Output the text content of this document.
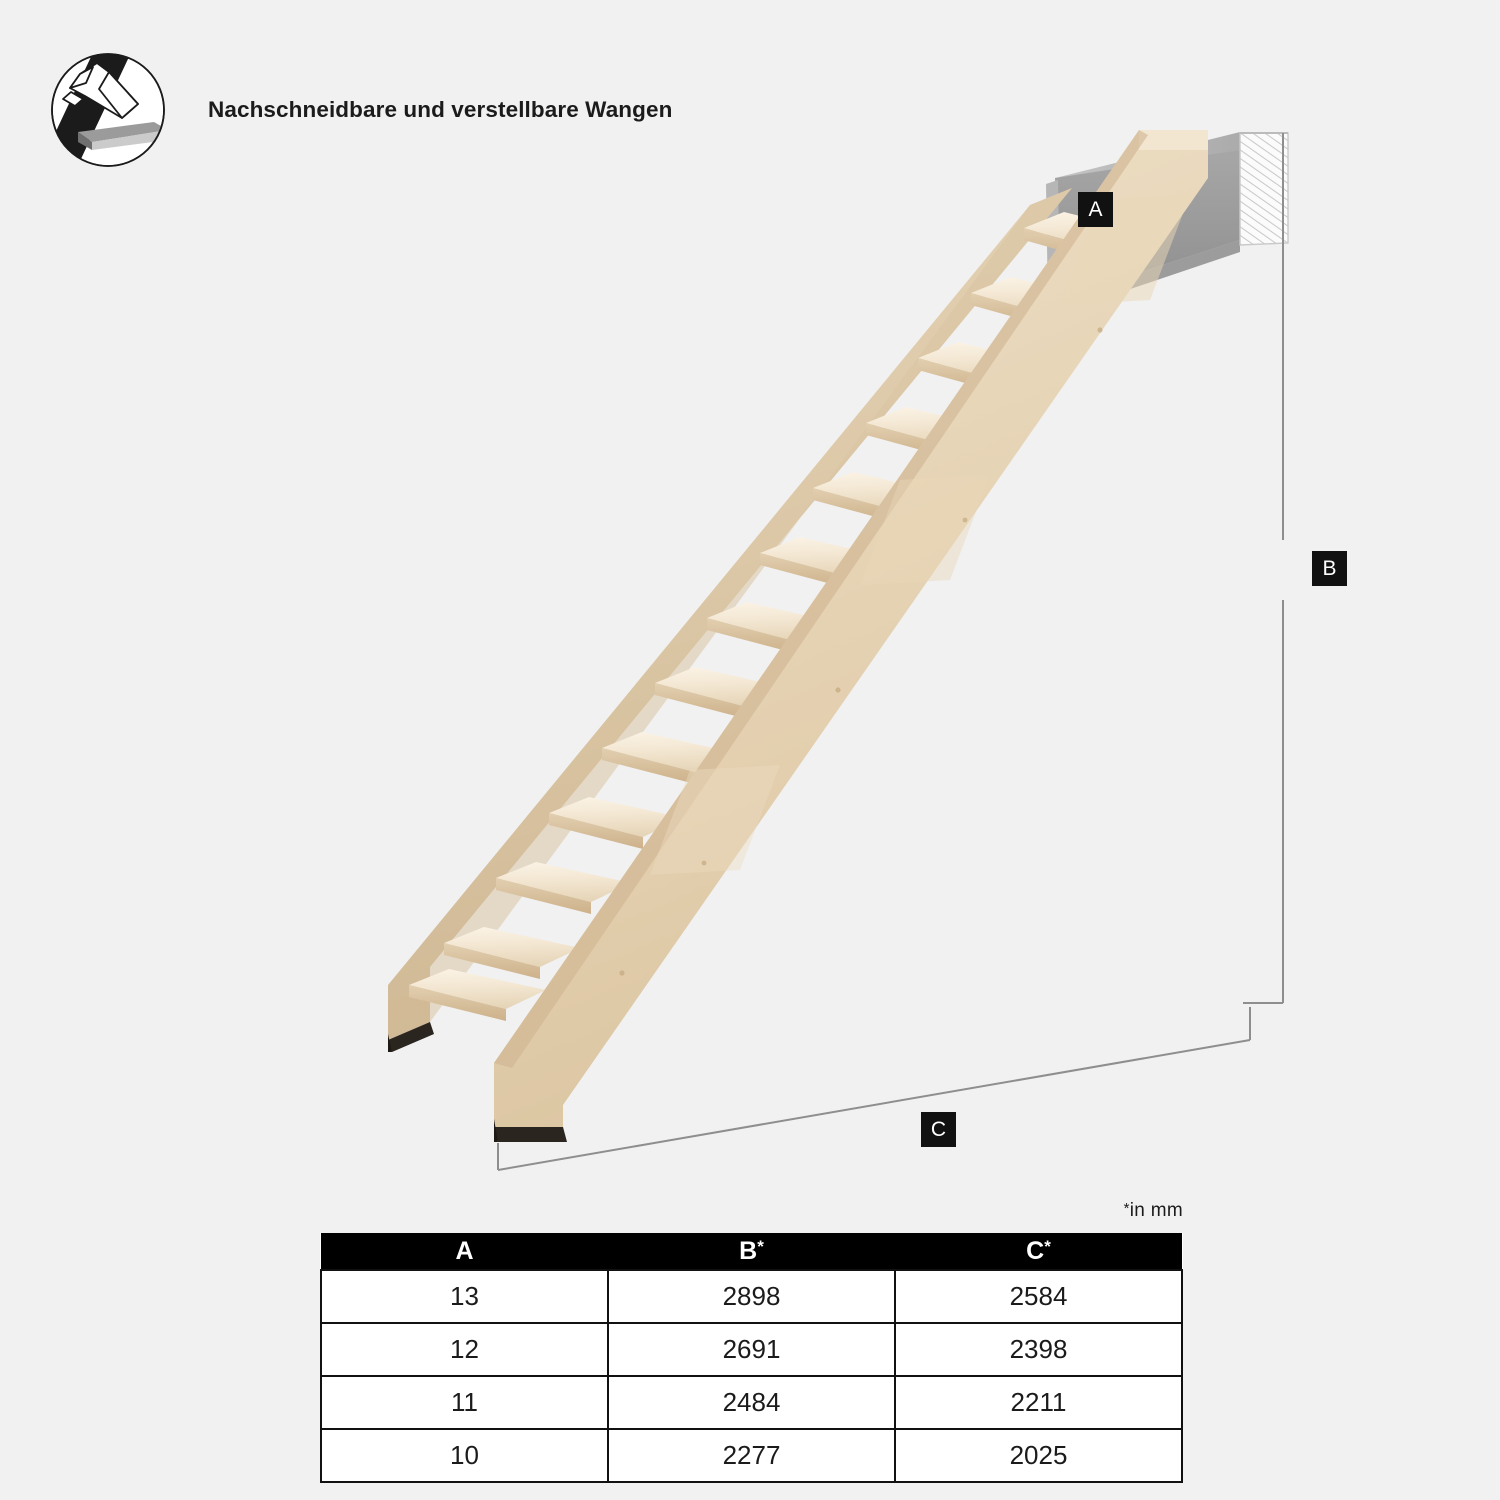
Nachschneidbare und verstellbare Wangen
A
B
C
*in mm
A	B*	C*
13	2898	2584
12	2691	2398
11	2484	2211
10	2277	2025
